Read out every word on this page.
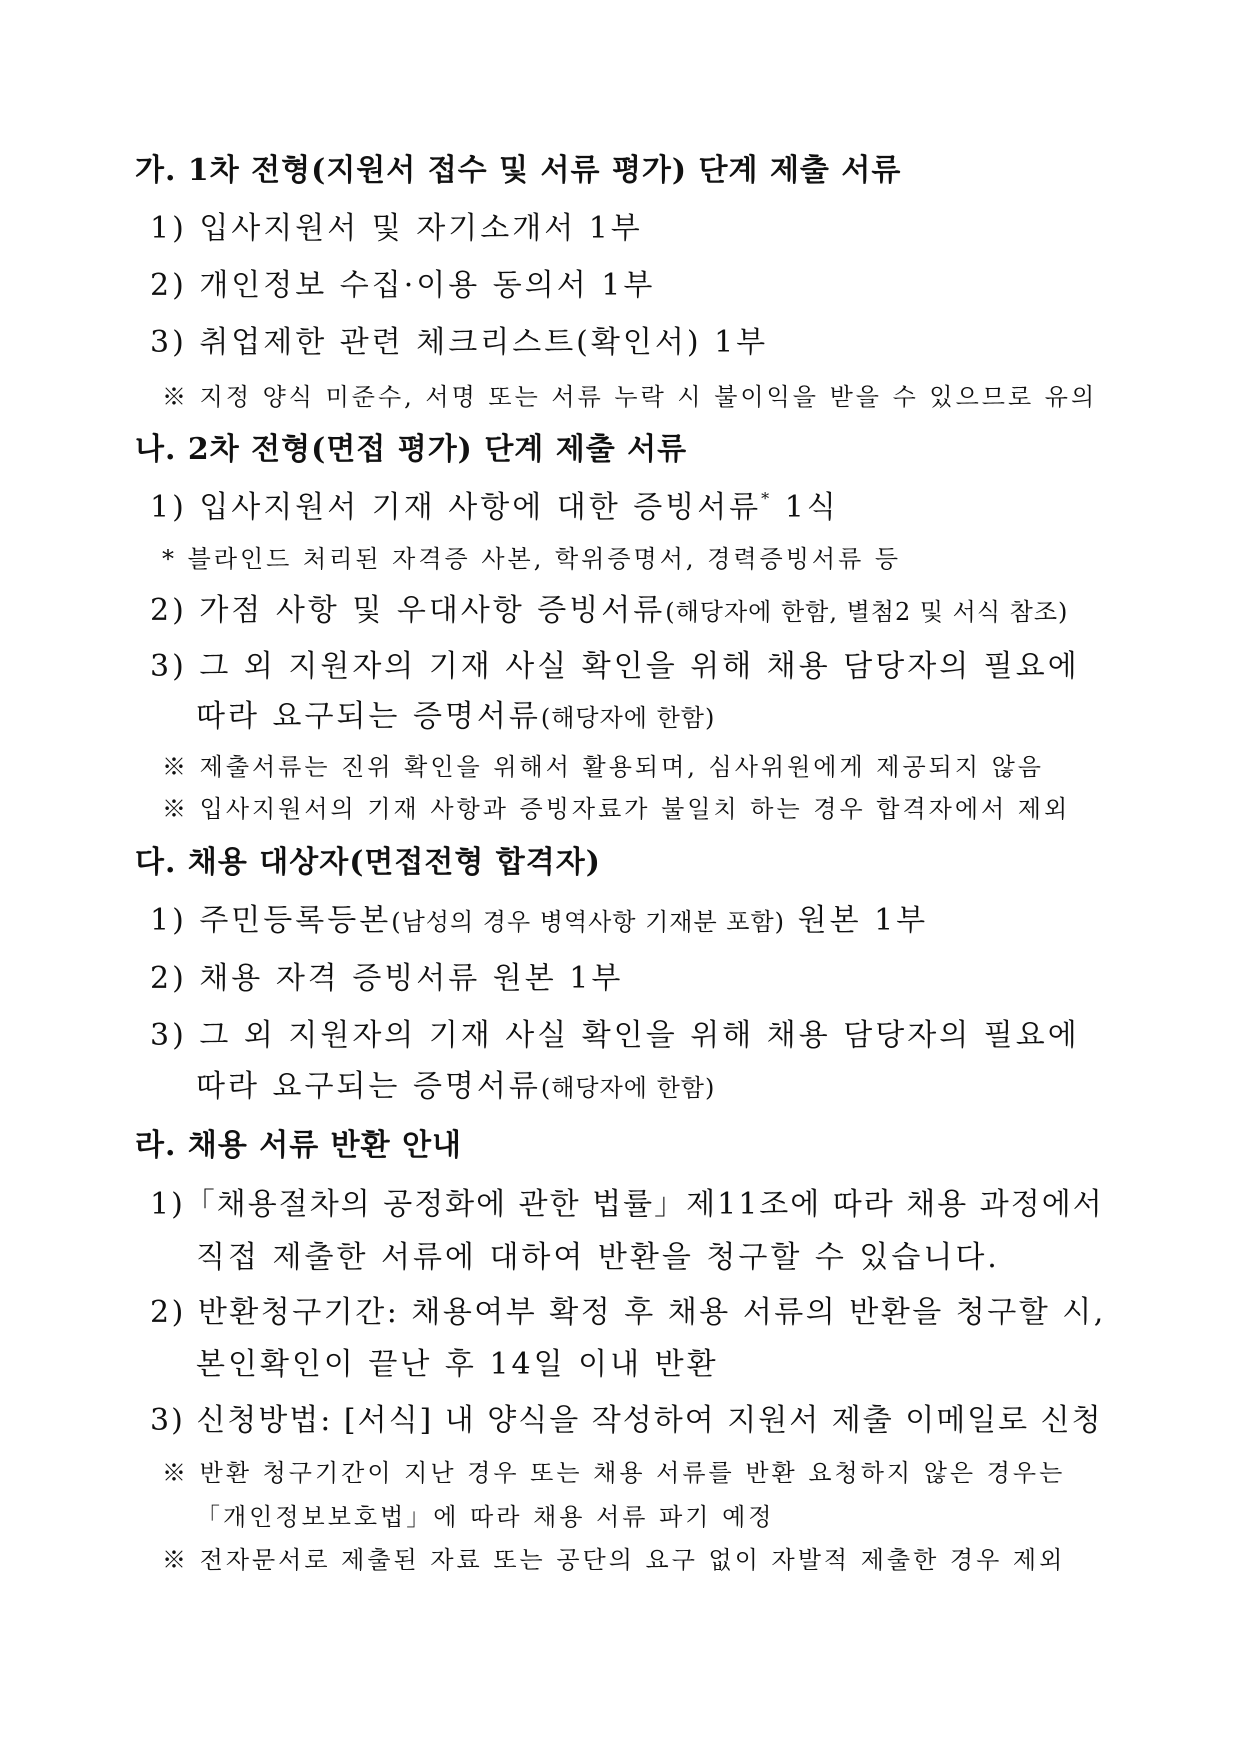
가. 1차 전형(지원서 접수 및 서류 평가) 단계 제출 서류
1) 입사지원서 및 자기소개서 1부
2) 개인정보 수집·이용 동의서 1부
3) 취업제한 관련 체크리스트(확인서) 1부
※ 지정 양식 미준수, 서명 또는 서류 누락 시 불이익을 받을 수 있으므로 유의
나. 2차 전형(면접 평가) 단계 제출 서류
1) 입사지원서 기재 사항에 대한 증빙서류* 1식
* 블라인드 처리된 자격증 사본, 학위증명서, 경력증빙서류 등
2) 가점 사항 및 우대사항 증빙서류(해당자에 한함, 별첨2 및 서식 참조)
3) 그 외 지원자의 기재 사실 확인을 위해 채용 담당자의 필요에
따라 요구되는 증명서류(해당자에 한함)
※ 제출서류는 진위 확인을 위해서 활용되며, 심사위원에게 제공되지 않음
※ 입사지원서의 기재 사항과 증빙자료가 불일치 하는 경우 합격자에서 제외
다. 채용 대상자(면접전형 합격자)
1) 주민등록등본(남성의 경우 병역사항 기재분 포함) 원본 1부
2) 채용 자격 증빙서류 원본 1부
3) 그 외 지원자의 기재 사실 확인을 위해 채용 담당자의 필요에
따라 요구되는 증명서류(해당자에 한함)
라. 채용 서류 반환 안내
1)「채용절차의 공정화에 관한 법률」제11조에 따라 채용 과정에서
직접 제출한 서류에 대하여 반환을 청구할 수 있습니다.
2) 반환청구기간: 채용여부 확정 후 채용 서류의 반환을 청구할 시,
본인확인이 끝난 후 14일 이내 반환
3) 신청방법: [서식] 내 양식을 작성하여 지원서 제출 이메일로 신청
※ 반환 청구기간이 지난 경우 또는 채용 서류를 반환 요청하지 않은 경우는
「개인정보보호법」에 따라 채용 서류 파기 예정
※ 전자문서로 제출된 자료 또는 공단의 요구 없이 자발적 제출한 경우 제외
